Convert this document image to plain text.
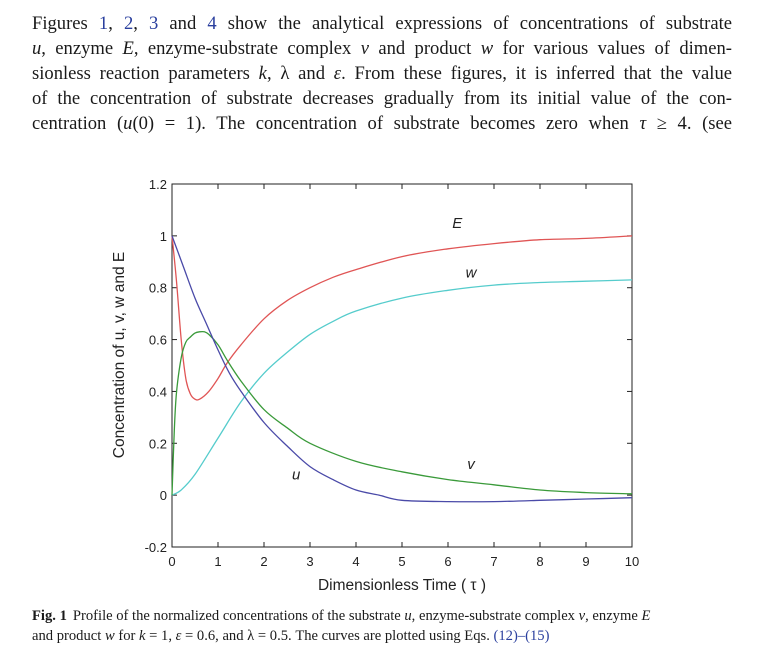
Figures 1, 2, 3 and 4 show the analytical expressions of concentrations of substrate
u, enzyme E, enzyme-substrate complex v and product w for various values of dimen-
sionless reaction parameters k, λ and ε. From these figures, it is inferred that the value
of the concentration of substrate decreases gradually from its initial value of the con-
centration (u(0) = 1). The concentration of substrate becomes zero when τ ≥ 4. (see
0	1	2	3	4	5	6	7	8	9	10
-0.2
0
0.2
0.4
0.6
0.8
1
1.2
E
w
v
u
Dimensionless Time ( τ )
Concentration of u, v, w and E
Fig. 1 Profile of the normalized concentrations of the substrate u, enzyme-substrate complex v, enzyme E
and product w for k = 1, ε = 0.6, and λ = 0.5. The curves are plotted using Eqs. (12)–(15)
